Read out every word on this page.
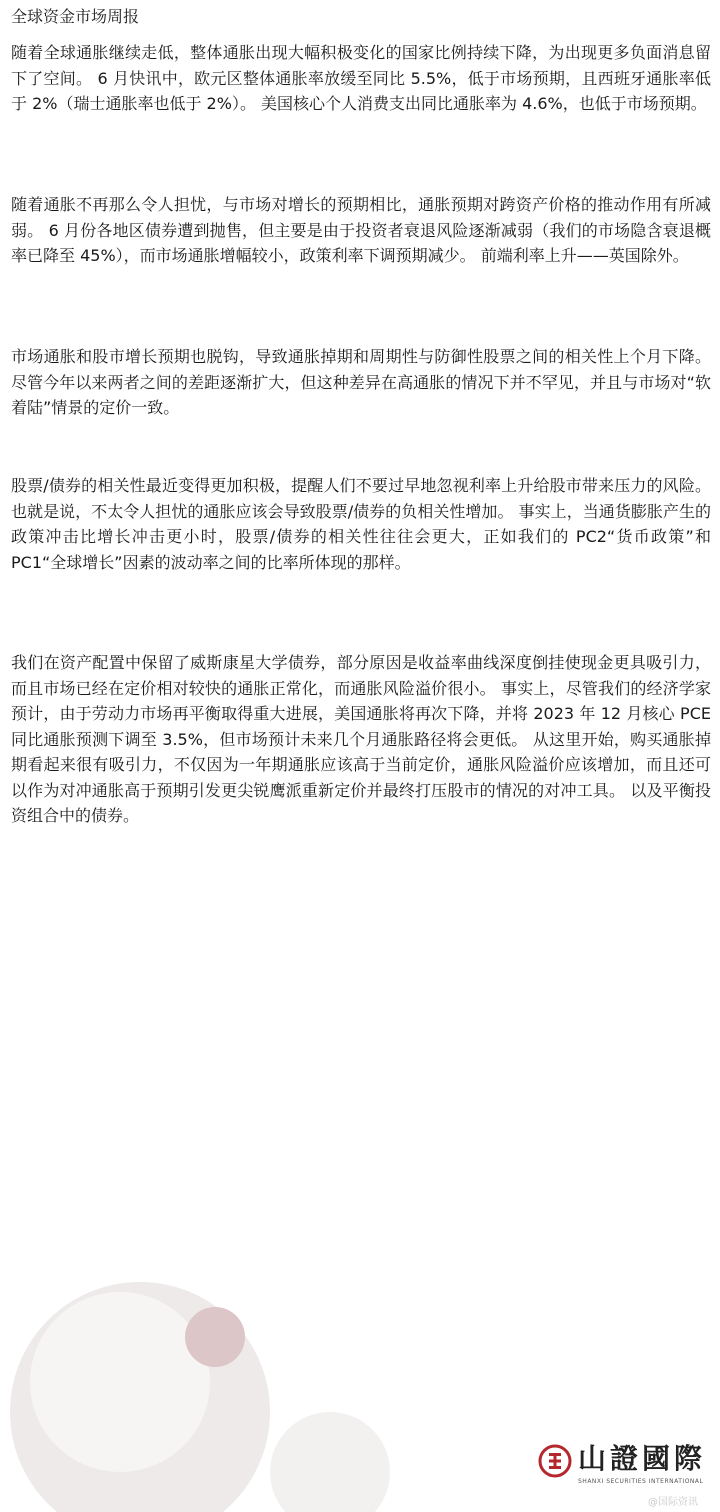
全球资金市场周报

随着全球通胀继续走低，整体通胀出现大幅积极变化的国家比例持续下降，为出现更多负面消息留下了空间。 6 月快讯中，欧元区整体通胀率放缓至同比 5.5%，低于市场预期，且西班牙通胀率低于 2%（瑞士通胀率也低于 2%）。 美国核心个人消费支出同比通胀率为 4.6%，也低于市场预期。

随着通胀不再那么令人担忧，与市场对增长的预期相比，通胀预期对跨资产价格的推动作用有所减弱。 6 月份各地区债券遭到抛售，但主要是由于投资者衰退风险逐渐减弱（我们的市场隐含衰退概率已降至 45%），而市场通胀增幅较小，政策利率下调预期减少。 前端利率上升——英国除外。

市场通胀和股市增长预期也脱钩，导致通胀掉期和周期性与防御性股票之间的相关性上个月下降。 尽管今年以来两者之间的差距逐渐扩大，但这种差异在高通胀的情况下并不罕见，并且与市场对“软着陆”情景的定价一致。

股票/债券的相关性最近变得更加积极，提醒人们不要过早地忽视利率上升给股市带来压力的风险。 也就是说，不太令人担忧的通胀应该会导致股票/债券的负相关性增加。 事实上，当通货膨胀产生的政策冲击比增长冲击更小时，股票/债券的相关性往往会更大，正如我们的 PC2“货币政策”和 PC1“全球增长”因素的波动率之间的比率所体现的那样。

我们在资产配置中保留了威斯康星大学债券，部分原因是收益率曲线深度倒挂使现金更具吸引力，而且市场已经在定价相对较快的通胀正常化，而通胀风险溢价很小。 事实上，尽管我们的经济学家预计，由于劳动力市场再平衡取得重大进展，美国通胀将再次下降，并将 2023 年 12 月核心 PCE 同比通胀预测下调至 3.5%，但市场预计未来几个月通胀路径将会更低。 从这里开始，购买通胀掉期看起来很有吸引力，不仅因为一年期通胀应该高于当前定价，通胀风险溢价应该增加，而且还可以作为对冲通胀高于预期引发更尖锐鹰派重新定价并最终打压股市的情况的对冲工具。 以及平衡投资组合中的债券。

山證國際
SHANXI SECURITIES INTERNATIONAL
@国际资讯
